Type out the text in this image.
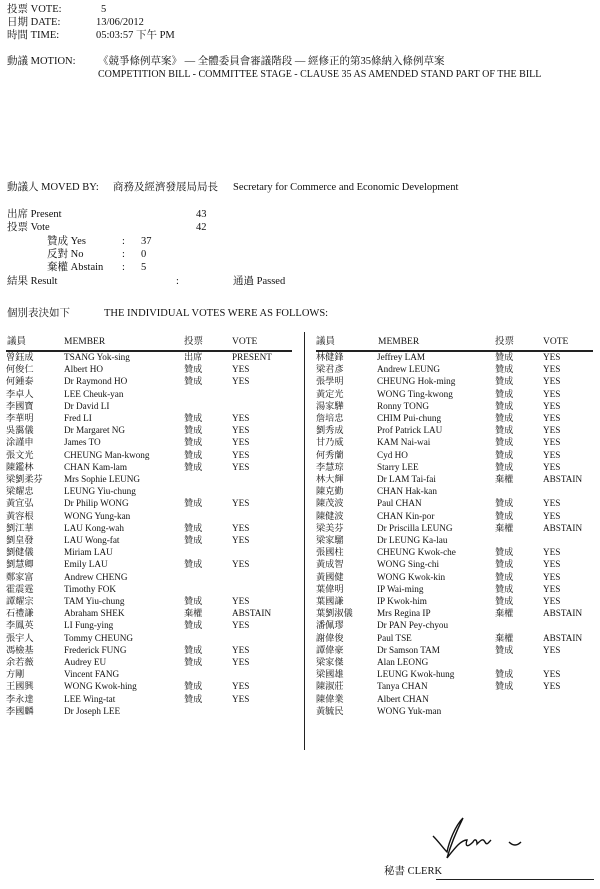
投票 VOTE:	5
日期 DATE:	13/06/2012
時間 TIME:	05:03:57 下午 PM
動議 MOTION: 《競爭條例草案》 — 全體委員會審議階段 — 經修正的第35條納入條例草案
COMPETITION BILL - COMMITTEE STAGE - CLAUSE 35 AS AMENDED STAND PART OF THE BILL
動議人 MOVED BY: 商務及經濟發展局局長 Secretary for Commerce and Economic Development
出席 Present	43
投票 Vote	42
贊成 Yes	: 37
反對 No	: 0
棄權 Abstain : 5
結果 Result	:	通過 Passed
個別表決如下	THE INDIVIDUAL VOTES WERE AS FOLLOWS:
議員	MEMBER	投票	VOTE	議員	MEMBER	投票	VOTE
曾鈺成	TSANG Yok-sing	出席	PRESENT
何俊仁	Albert HO	贊成	YES
何鍾泰	Dr Raymond HO	贊成	YES
李卓人	LEE Cheuk-yan
李國寶	Dr David LI
李華明	Fred LI	贊成	YES
吳靄儀	Dr Margaret NG	贊成	YES
涂謹申	James TO	贊成	YES
張文光	CHEUNG Man-kwong	贊成	YES
陳鑑林	CHAN Kam-lam	贊成	YES
梁劉柔芬 Mrs Sophie LEUNG
梁耀忠	LEUNG Yiu-chung
黃宜弘	Dr Philip WONG	贊成	YES
黃容根	WONG Yung-kan
劉江華	LAU Kong-wah	贊成	YES
劉皇發	LAU Wong-fat	贊成	YES
劉健儀	Miriam LAU
劉慧卿	Emily LAU	贊成	YES
鄭家富	Andrew CHENG
霍震霆	Timothy FOK
譚耀宗	TAM Yiu-chung	贊成	YES
石禮謙	Abraham SHEK	棄權	ABSTAIN
李鳳英	LI Fung-ying	贊成	YES
張宇人	Tommy CHEUNG
馮檢基	Frederick FUNG	贊成	YES
余若薇	Audrey EU	贊成	YES
方剛	Vincent FANG
王國興	WONG Kwok-hing	贊成	YES
李永達	LEE Wing-tat	贊成	YES
李國麟	Dr Joseph LEE
林健鋒	Jeffrey LAM	贊成	YES
梁君彥	Andrew LEUNG	贊成	YES
張學明	CHEUNG Hok-ming	贊成	YES
黃定光	WONG Ting-kwong	贊成	YES
湯家驊	Ronny TONG	贊成	YES
詹培忠	CHIM Pui-chung	贊成	YES
劉秀成	Prof Patrick LAU	贊成	YES
甘乃威	KAM Nai-wai	贊成	YES
何秀蘭	Cyd HO	贊成	YES
李慧琼	Starry LEE	贊成	YES
林大輝	Dr LAM Tai-fai	棄權	ABSTAIN
陳克勤	CHAN Hak-kan
陳茂波	Paul CHAN	贊成	YES
陳健波	CHAN Kin-por	贊成	YES
梁美芬	Dr Priscilla LEUNG	棄權	ABSTAIN
梁家騮	Dr LEUNG Ka-lau
張國柱	CHEUNG Kwok-che	贊成	YES
黃成智	WONG Sing-chi	贊成	YES
黃國健	WONG Kwok-kin	贊成	YES
葉偉明	IP Wai-ming	贊成	YES
葉國謙	IP Kwok-him	贊成	YES
葉劉淑儀	Mrs Regina IP	棄權	ABSTAIN
潘佩璆	Dr PAN Pey-chyou
謝偉俊	Paul TSE	棄權	ABSTAIN
譚偉豪	Dr Samson TAM	贊成	YES
梁家傑	Alan LEONG
梁國雄	LEUNG Kwok-hung	贊成	YES
陳淑莊	Tanya CHAN	贊成	YES
陳偉業	Albert CHAN
黃毓民	WONG Yuk-man
秘書 CLERK
